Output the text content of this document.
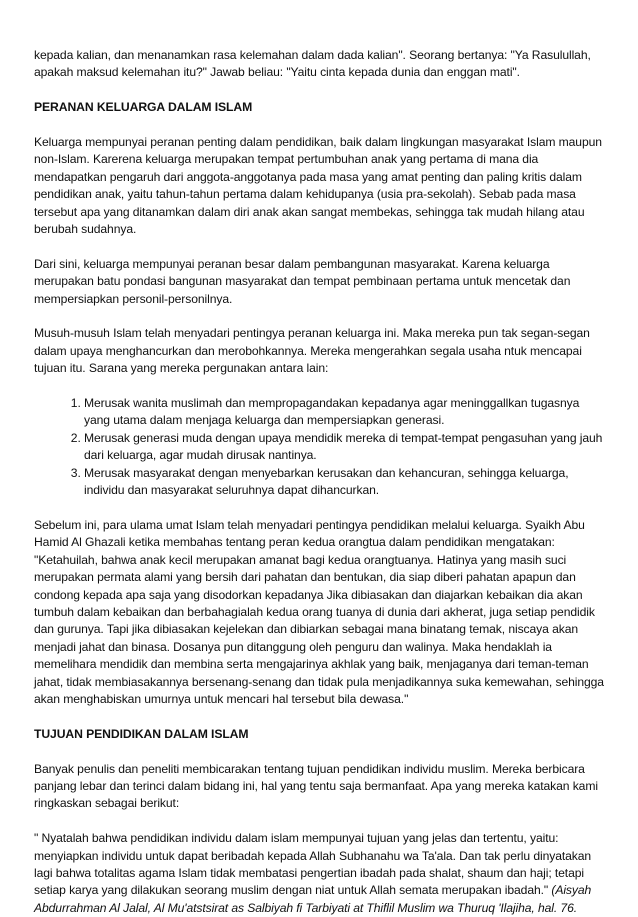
kepada kalian, dan menanamkan rasa kelemahan dalam dada kalian". Seorang bertanya: "Ya Rasulullah, apakah maksud kelemahan itu?" Jawab beliau: "Yaitu cinta kepada dunia dan enggan mati".

PERANAN KELUARGA DALAM ISLAM

Keluarga mempunyai peranan penting dalam pendidikan, baik dalam lingkungan masyarakat Islam maupun non-Islam. Karerena keluarga merupakan tempat pertumbuhan anak yang pertama di mana dia mendapatkan pengaruh dari anggota-anggotanya pada masa yang amat penting dan paling kritis dalam pendidikan anak, yaitu tahun-tahun pertama dalam kehidupanya (usia pra-sekolah). Sebab pada masa tersebut apa yang ditanamkan dalam diri anak akan sangat membekas, sehingga tak mudah hilang atau berubah sudahnya.

Dari sini, keluarga mempunyai peranan besar dalam pembangunan masyarakat. Karena keluarga merupakan batu pondasi bangunan masyarakat dan tempat pembinaan pertama untuk mencetak dan mempersiapkan personil-personilnya.

Musuh-musuh Islam telah menyadari pentingya peranan keluarga ini. Maka mereka pun tak segan-segan dalam upaya menghancurkan dan merobohkannya. Mereka mengerahkan segala usaha ntuk mencapai tujuan itu. Sarana yang mereka pergunakan antara lain:

1. Merusak wanita muslimah dan mempropagandakan kepadanya agar meninggallkan tugasnya yang utama dalam menjaga keluarga dan mempersiapkan generasi.
2. Merusak generasi muda dengan upaya mendidik mereka di tempat-tempat pengasuhan yang jauh dari keluarga, agar mudah dirusak nantinya.
3. Merusak masyarakat dengan menyebarkan kerusakan dan kehancuran, sehingga keluarga, individu dan masyarakat seluruhnya dapat dihancurkan.

Sebelum ini, para ulama umat Islam telah menyadari pentingya pendidikan melalui keluarga. Syaikh Abu Hamid Al Ghazali ketika membahas tentang peran kedua orangtua dalam pendidikan mengatakan: "Ketahuilah, bahwa anak kecil merupakan amanat bagi kedua orangtuanya. Hatinya yang masih suci merupakan permata alami yang bersih dari pahatan dan bentukan, dia siap diberi pahatan apapun dan condong kepada apa saja yang disodorkan kepadanya Jika dibiasakan dan diajarkan kebaikan dia akan tumbuh dalam kebaikan dan berbahagialah kedua orang tuanya di dunia dari akherat, juga setiap pendidik dan gurunya. Tapi jika dibiasakan kejelekan dan dibiarkan sebagai mana binatang temak, niscaya akan menjadi jahat dan binasa. Dosanya pun ditanggung oleh penguru dan walinya. Maka hendaklah ia memelihara mendidik dan membina serta mengajarinya akhlak yang baik, menjaganya dari teman-teman jahat, tidak membiasakannya bersenang-senang dan tidak pula menjadikannya suka kemewahan, sehingga akan menghabiskan umurnya untuk mencari hal tersebut bila dewasa."

TUJUAN PENDIDIKAN DALAM ISLAM

Banyak penulis dan peneliti membicarakan tentang tujuan pendidikan individu muslim. Mereka berbicara panjang lebar dan terinci dalam bidang ini, hal yang tentu saja bermanfaat. Apa yang mereka katakan kami ringkaskan sebagai berikut:

" Nyatalah bahwa pendidikan individu dalam islam mempunyai tujuan yang jelas dan tertentu, yaitu: menyiapkan individu untuk dapat beribadah kepada Allah Subhanahu wa Ta'ala. Dan tak perlu dinyatakan lagi bahwa totalitas agama Islam tidak membatasi pengertian ibadah pada shalat, shaum dan haji; tetapi setiap karya yang dilakukan seorang muslim dengan niat untuk Allah semata merupakan ibadah." (Aisyah Abdurrahman Al Jalal, Al Mu'atstsirat as Salbiyah fi Tarbiyati at Thiflil Muslim wa Thuruq 'Ilajiha, hal. 76.
